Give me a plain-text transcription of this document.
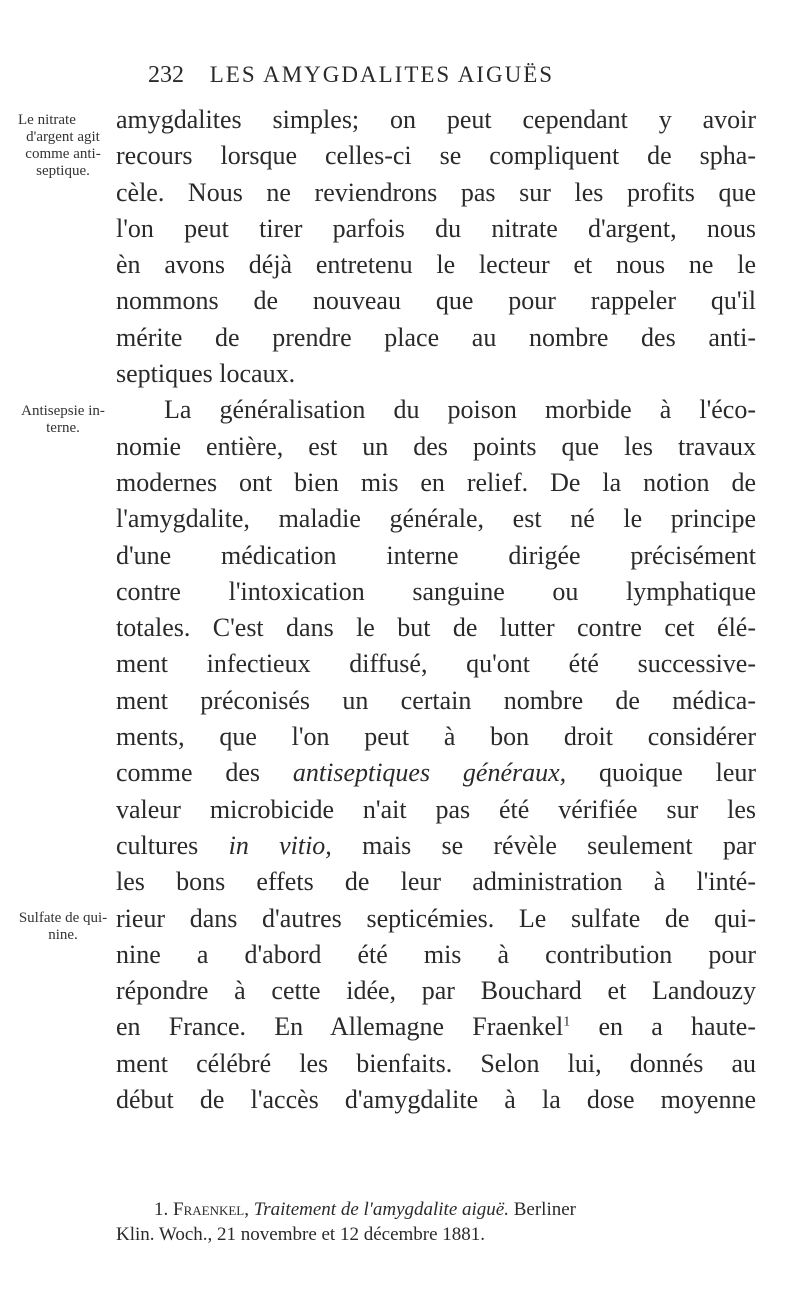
232 LES AMYGDALITES AIGUËS
Le nitrate
d'argent agit
comme anti-
septique.
Antisepsie in-
terne.
Sulfate de qui-
nine.
amygdalites simples; on peut cependant y avoir
recours lorsque celles-ci se compliquent de spha-
cèle. Nous ne reviendrons pas sur les profits que
l'on peut tirer parfois du nitrate d'argent, nous
èn avons déjà entretenu le lecteur et nous ne le
nommons de nouveau que pour rappeler qu'il
mérite de prendre place au nombre des anti-
septiques locaux.
La généralisation du poison morbide à l'éco-
nomie entière, est un des points que les travaux
modernes ont bien mis en relief. De la notion de
l'amygdalite, maladie générale, est né le principe
d'une médication interne dirigée précisément
contre l'intoxication sanguine ou lymphatique
totales. C'est dans le but de lutter contre cet élé-
ment infectieux diffusé, qu'ont été successive-
ment préconisés un certain nombre de médica-
ments, que l'on peut à bon droit considérer
comme des antiseptiques généraux, quoique leur
valeur microbicide n'ait pas été vérifiée sur les
cultures in vitio, mais se révèle seulement par
les bons effets de leur administration à l'inté-
rieur dans d'autres septicémies. Le sulfate de qui-
nine a d'abord été mis à contribution pour
répondre à cette idée, par Bouchard et Landouzy
en France. En Allemagne Fraenkel$^1$ en a haute-
ment célébré les bienfaits. Selon lui, donnés au
début de l'accès d'amygdalite à la dose moyenne
1. Fraenkel, Traitement de l'amygdalite aiguë. Berliner
Klin. Woch., 21 novembre et 12 décembre 1881.
